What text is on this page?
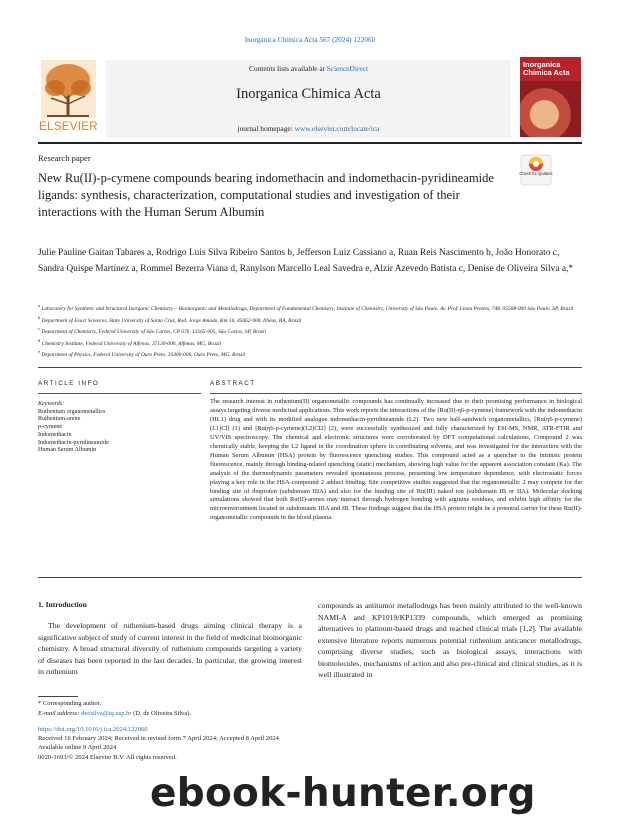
Inorganica Chimica Acta 567 (2024) 122060
Contents lists available at ScienceDirect
Inorganica Chimica Acta
journal homepage: www.elsevier.com/locate/ica
ELSEVIER
Inorganica Chimica Acta
Research paper
New Ru(II)-p-cymene compounds bearing indomethacin and indomethacin-pyridineamide ligands: synthesis, characterization, computational studies and investigation of their interactions with the Human Serum Albumin
Check for updates
Julie Pauline Gaitan Tabares a, Rodrigo Luis Silva Ribeiro Santos b, Jefferson Luiz Cassiano a, Ruan Reis Nascimento b, João Honorato c, Sandra Quispe Martínez a, Rommel Bezerra Viana d, Ranylson Marcello Leal Savedra e, Alzir Azevedo Batista c, Denise de Oliveira Silva a,*
$^a$ Laboratory for Synthetic and Structural Inorganic Chemistry – Bioinorganic and Metallodrugs, Department of Fundamental Chemistry, Institute of Chemistry, University of São Paulo, Av. Prof. Lineu Prestes, 748, 05508-000 São Paulo, SP, Brazil
$^b$ Department of Exact Sciences, State University of Santa Cruz, Rod. Jorge Amado, Km 16, 45662-900, Ilhéus, BA, Brazil
$^c$ Department of Chemistry, Federal University of São Carlos, CP 676, 13565-905, São Carlos, SP, Brazil
$^d$ Chemistry Institute, Federal University of Alfenas, 37130-000, Alfenas, MG, Brazil
$^e$ Department of Physics, Federal University of Ouro Preto, 35400-000, Ouro Preto, MG, Brazil
ARTICLE INFO	ABSTRACT
Keywords:
Ruthenium organometallics
Ruthenium-arene
p-cymene
Indomethacin
Indomethacin-pyridineamide
Human Serum Albumin
The research interest in ruthenium(II) organometallic compounds has continually increased due to their promising performance in biological assays targeting diverse medicinal applications. This work reports the interactions of the [Ru(II)-η6-p-cymene] framework with the indomethacin (HL1) drug and with its modified analogue indomethacin-pyridineamide (L2). Two new half-sandwich organometallics, [Ru(η6-p-cymene)(L1)Cl] (1) and [Ru(η6-p-cymene)(L2)Cl2] (2), were successfully synthesized and fully characterized by ESI-MS, NMR, ATR-FTIR and UV/VIS spectroscopy. The chemical and electronic structures were corroborated by DFT computational calculations. Compound 2 was chemically stable, keeping the L2 ligand in the coordination sphere in coordinating solvents, and was investigated for the interaction with the Human Serum Albumin (HSA) protein by fluorescence quenching studies. This compound acted as a quencher to the intrinsic protein fluorescence, mainly through binding-related quenching (static) mechanism, showing high value for the apparent association constant (Ka). The analysis of the thermodynamic parameters revealed spontaneous process, presenting low temperature dependence, with electrostatic forces playing a key role in the HSA-compound 2 adduct binding. Site competitive studies suggested that the organometallic 2 may compete for the binding site of ibuprofen (subdomain IIIA) and also for the binding site of Ru(III) naked ion (subdomain IB or IIA). Molecular docking simulations showed that both Ru(II)-arenes may interact through hydrogen bonding with arginine residues, and exhibit high affinity for the microenvironment located in subdomains IIIA and IB. These findings suggest that the HSA protein might be a potential carrier for these Ru(II)-organometallic compounds in the blood plasma.
1. Introduction
The development of ruthenium-based drugs aiming clinical therapy is a significative subject of study of current interest in the field of medicinal bioinorganic chemistry. A broad structural diversity of ruthenium compounds targeting a variety of diseases has been reported in the last decades. In particular, the growing interest in ruthenium
compounds as antitumor metallodrugs has been mainly attributed to the well-known NAMI-A and KP1019/KP1339 compounds, which emerged as promising alternatives to platinum-based drugs and reached clinical trials [1,2]. The available extensive literature reports numerous potential ruthenium anticancer metallodrugs, comprising diverse studies, such as biological assays, interactions with biomolecules, mechanisms of action and also pre-clinical and clinical studies, as it is well illustrated in
* Corresponding author.
E-mail address: deosilva@iq.usp.br (D. de Oliveira Silva).
https://doi.org/10.1016/j.ica.2024.122060
Received 16 February 2024; Received in revised form 7 April 2024; Accepted 8 April 2024
Available online 9 April 2024
0020-1693/© 2024 Elsevier B.V. All rights reserved.
ebook-hunter.org
